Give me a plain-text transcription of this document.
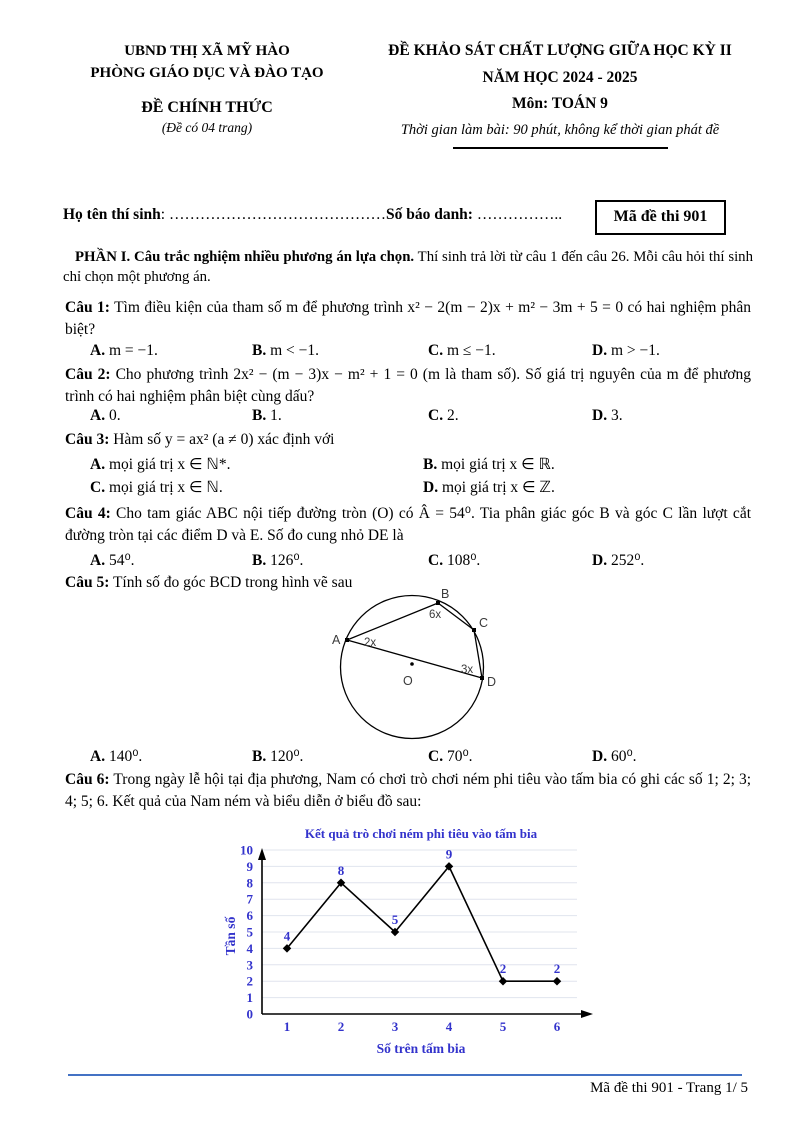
UBND THỊ XÃ MỸ HÀO
PHÒNG GIÁO DỤC VÀ ĐÀO TẠO
ĐỀ CHÍNH THỨC
(Đề có 04 trang)
ĐỀ KHẢO SÁT CHẤT LƯỢNG GIỮA HỌC KỲ II
NĂM HỌC 2024 - 2025
Môn: TOÁN 9
Thời gian làm bài: 90 phút, không kể thời gian phát đề
Họ tên thí sinh: ……………………………………Số báo danh: ……………..	Mã đề thi 901
PHẦN I. Câu trắc nghiệm nhiều phương án lựa chọn. Thí sinh trả lời từ câu 1 đến câu 26. Mỗi câu hỏi thí sinh chỉ chọn một phương án.
Câu 1: Tìm điều kiện của tham số m để phương trình x² − 2(m − 2)x + m² − 3m + 5 = 0 có hai nghiệm phân biệt?
A. m = −1.	B. m < −1.	C. m ≤ −1.	D. m > −1.
Câu 2: Cho phương trình 2x² − (m − 3)x − m² + 1 = 0 (m là tham số). Số giá trị nguyên của m để phương trình có hai nghiệm phân biệt cùng dấu?
A. 0.	B. 1.	C. 2.	D. 3.
Câu 3: Hàm số y = ax² (a ≠ 0) xác định với
A. mọi giá trị x ∈ ℕ*.	B. mọi giá trị x ∈ ℝ.
C. mọi giá trị x ∈ ℕ.	D. mọi giá trị x ∈ ℤ.
Câu 4: Cho tam giác ABC nội tiếp đường tròn (O) có Â = 54⁰. Tia phân giác góc B và góc C lần lượt cắt đường tròn tại các điểm D và E. Số đo cung nhỏ DE là
A. 54⁰.	B. 126⁰.	C. 108⁰.	D. 252⁰.
Câu 5: Tính số đo góc BCD trong hình vẽ sau
A
B
C
D
O
2x
6x
3x
A. 140⁰.	B. 120⁰.	C. 70⁰.	D. 60⁰.
Câu 6: Trong ngày lễ hội tại địa phương, Nam có chơi trò chơi ném phi tiêu vào tấm bia có ghi các số 1; 2; 3; 4; 5; 6. Kết quả của Nam ném và biểu diễn ở biểu đồ sau:
0
1
2
3
4
5
6
7
8
9
10
4
1
8
2
5
3
9
4
2
5
2
6
Kết quả trò chơi ném phi tiêu vào tấm bia
Số trên tấm bia
Tần số
Mã đề thi 901 - Trang 1/ 5
